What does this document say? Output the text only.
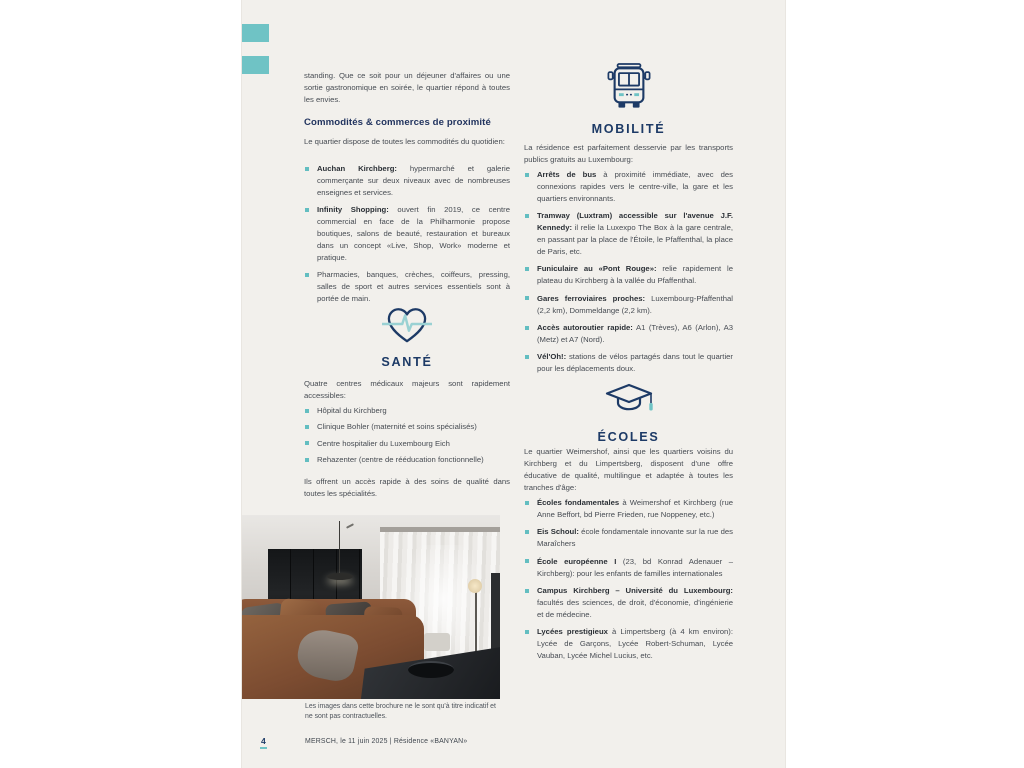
standing. Que ce soit pour un déjeuner d'affaires ou une sortie gastronomique en soirée, le quartier répond à toutes les envies.

Commodités & commerces de proximité

Le quartier dispose de toutes les commodités du quotidien:

Auchan Kirchberg: hypermarché et galerie commerçante sur deux niveaux avec de nombreuses enseignes et services.
Infinity Shopping: ouvert fin 2019, ce centre commercial en face de la Philharmonie propose boutiques, salons de beauté, restauration et bureaux dans un concept «Live, Shop, Work» moderne et pratique.
Pharmacies, banques, crèches, coiffeurs, pressing, salles de sport et autres services essentiels sont à portée de main.
SANTÉ

Quatre centres médicaux majeurs sont rapidement accessibles:

Hôpital du Kirchberg
Clinique Bohler (maternité et soins spécialisés)
Centre hospitalier du Luxembourg Eich
Rehazenter (centre de rééducation fonctionnelle)

Ils offrent un accès rapide à des soins de qualité dans toutes les spécialités.

MOBILITÉ

La résidence est parfaitement desservie par les transports publics gratuits au Luxembourg:

Arrêts de bus à proximité immédiate, avec des connexions rapides vers le centre-ville, la gare et les quartiers environnants.
Tramway (Luxtram) accessible sur l'avenue J.F. Kennedy: il relie la Luxexpo The Box à la gare centrale, en passant par la place de l'Étoile, le Pfaffenthal, la place de Paris, etc.
Funiculaire au «Pont Rouge»: relie rapidement le plateau du Kirchberg à la vallée du Pfaffenthal.
Gares ferroviaires proches: Luxembourg-Pfaffenthal (2,2 km), Dommeldange (2,2 km).
Accès autoroutier rapide: A1 (Trèves), A6 (Arlon), A3 (Metz) et A7 (Nord).
Vél'Oh!: stations de vélos partagés dans tout le quartier pour les déplacements doux.
ÉCOLES

Le quartier Weimershof, ainsi que les quartiers voisins du Kirchberg et du Limpertsberg, disposent d'une offre éducative de qualité, multilingue et adaptée à toutes les tranches d'âge:

Écoles fondamentales à Weimershof et Kirchberg (rue Anne Beffort, bd Pierre Frieden, rue Noppeney, etc.)
Eis Schoul: école fondamentale innovante sur la rue des Maraîchers
École européenne I (23, bd Konrad Adenauer – Kirchberg): pour les enfants de familles internationales
Campus Kirchberg – Université du Luxembourg: facultés des sciences, de droit, d'économie, d'ingénierie et de médecine.
Lycées prestigieux à Limpertsberg (à 4 km environ): Lycée de Garçons, Lycée Robert-Schuman, Lycée Vauban, Lycée Michel Lucius, etc.

Les images dans cette brochure ne le sont qu'à titre indicatif et ne sont pas contractuelles.

4	MERSCH, le 11 juin 2025 | Résidence «BANYAN»
